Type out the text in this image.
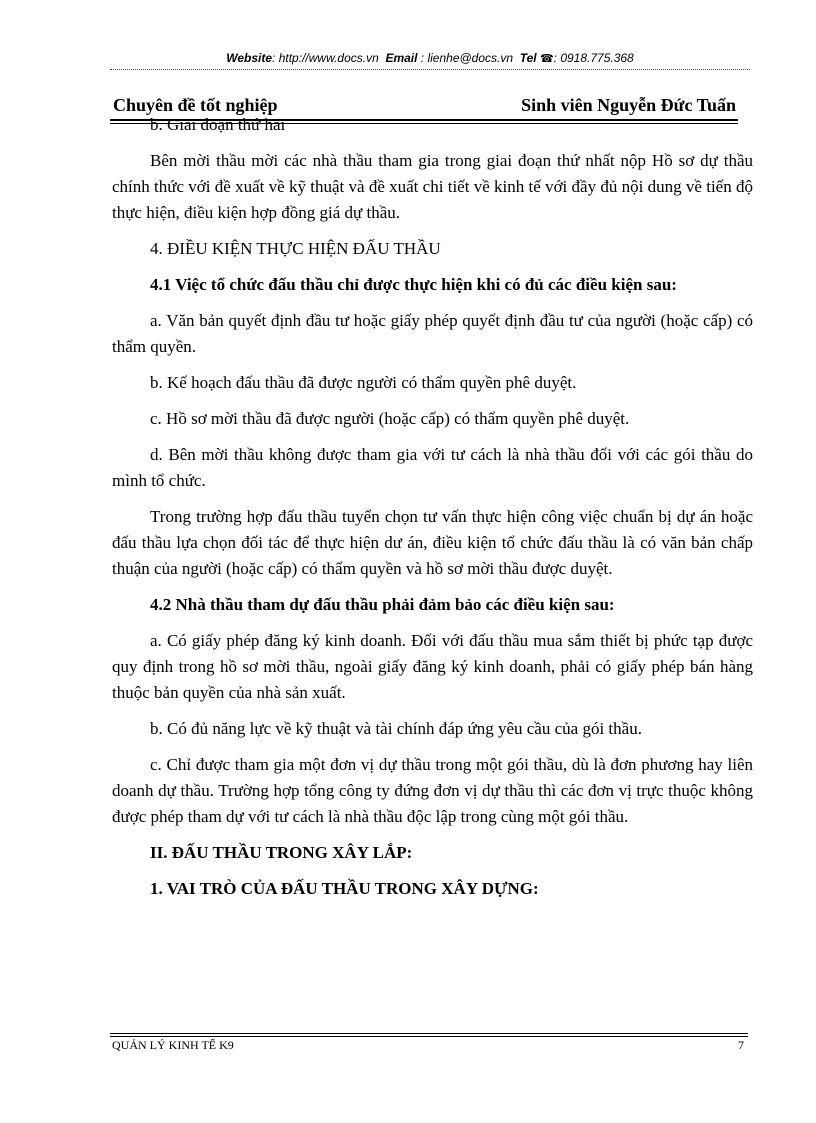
Website: http://www.docs.vn Email : lienhe@docs.vn Tel ☎: 0918.775.368
Chuyên đề tốt nghiệp	Sinh viên Nguyễn Đức Tuấn
b. Giai đoạn thứ hai

Bên mời thầu mời các nhà thầu tham gia trong giai đoạn thứ nhất nộp Hồ sơ dự thầu chính thức với đề xuất về kỹ thuật và đề xuất chi tiết về kinh tế với đầy đủ nội dung về tiến độ thực hiện, điều kiện hợp đồng giá dự thầu.

4. ĐIỀU KIỆN THỰC HIỆN ĐẤU THẦU

4.1 Việc tổ chức đấu thầu chỉ được thực hiện khi có đủ các điều kiện sau:

a. Văn bản quyết định đầu tư hoặc giấy phép quyết định đầu tư của người (hoặc cấp) có thẩm quyền.

b. Kế hoạch đấu thầu đã được người có thẩm quyền phê duyệt.

c. Hồ sơ mời thầu đã được người (hoặc cấp) có thẩm quyền phê duyệt.

d. Bên mời thầu không được tham gia với tư cách là nhà thầu đối với các gói thầu do mình tổ chức.

Trong trường hợp đấu thầu tuyển chọn tư vấn thực hiện công việc chuẩn bị dự án hoặc đấu thầu lựa chọn đối tác để thực hiện dư án, điều kiện tổ chức đấu thầu là có văn bản chấp thuận của người (hoặc cấp) có thẩm quyền và hồ sơ mời thầu được duyệt.

4.2 Nhà thầu tham dự đấu thầu phải đảm bảo các điều kiện sau:

a. Có giấy phép đăng ký kinh doanh. Đối với đấu thầu mua sắm thiết bị phức tạp được quy định trong hồ sơ mời thầu, ngoài giấy đăng ký kinh doanh, phải có giấy phép bán hàng thuộc bản quyền của nhà sản xuất.

b. Có đủ năng lực về kỹ thuật và tài chính đáp ứng yêu cầu của gói thầu.

c. Chỉ được tham gia một đơn vị dự thầu trong một gói thầu, dù là đơn phương hay liên doanh dự thầu. Trường hợp tổng công ty đứng đơn vị dự thầu thì các đơn vị trực thuộc không được phép tham dự với tư cách là nhà thầu độc lập trong cùng một gói thầu.

II. ĐẤU THẦU TRONG XÂY LẮP:

1. VAI TRÒ CỦA ĐẤU THẦU TRONG XÂY DỰNG:

QUẢN LÝ KINH TẾ K9	7
